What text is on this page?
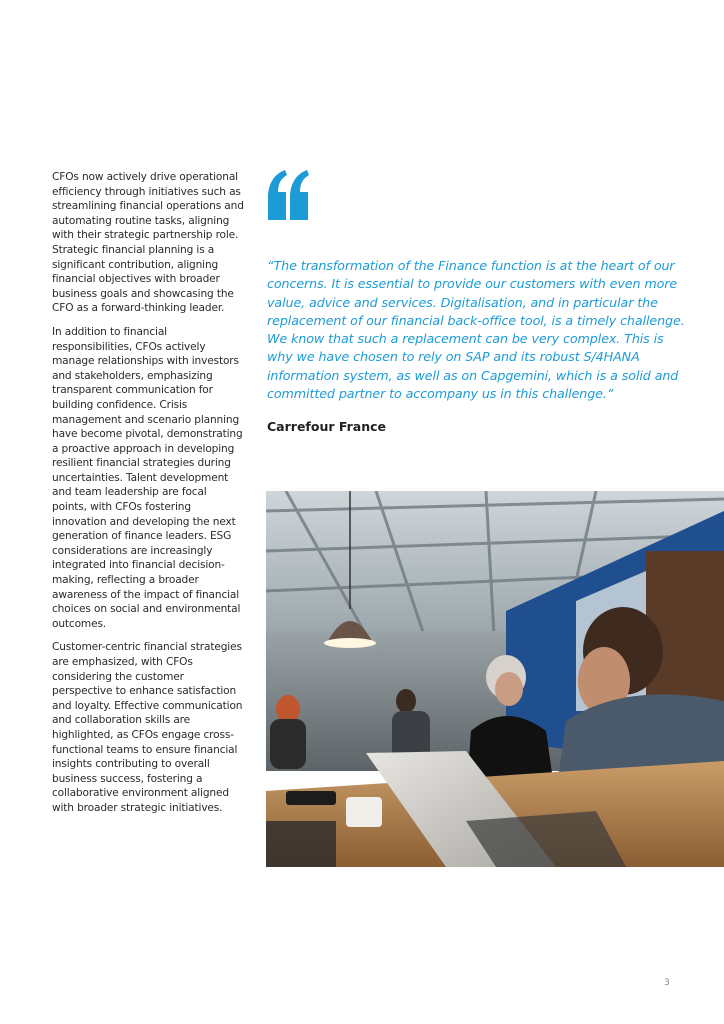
CFOs now actively drive operational efficiency through initiatives such as streamlining financial operations and automating routine tasks, aligning with their strategic partnership role. Strategic financial planning is a significant contribution, aligning financial objectives with broader business goals and showcasing the CFO as a forward-thinking leader.

In addition to financial responsibilities, CFOs actively manage relationships with investors and stakeholders, emphasizing transparent communication for building confidence. Crisis management and scenario planning have become pivotal, demonstrating a proactive approach in developing resilient financial strategies during uncertainties. Talent development and team leadership are focal points, with CFOs fostering innovation and developing the next generation of finance leaders. ESG considerations are increasingly integrated into financial decision-making, reflecting a broader awareness of the impact of financial choices on social and environmental outcomes.

Customer-centric financial strategies are emphasized, with CFOs considering the customer perspective to enhance satisfaction and loyalty. Effective communication and collaboration skills are highlighted, as CFOs engage cross-functional teams to ensure financial insights contributing to overall business success, fostering a collaborative environment aligned with broader strategic initiatives.

“The transformation of the Finance function is at the heart of our concerns. It is essential to provide our customers with even more value, advice and services. Digitalisation, and in particular the replacement of our financial back-office tool, is a timely challenge. We know that such a replacement can be very complex. This is why we have chosen to rely on SAP and its robust S/4HANA information system, as well as on Capgemini, which is a solid and committed partner to accompany us in this challenge.”
Carrefour France
3
